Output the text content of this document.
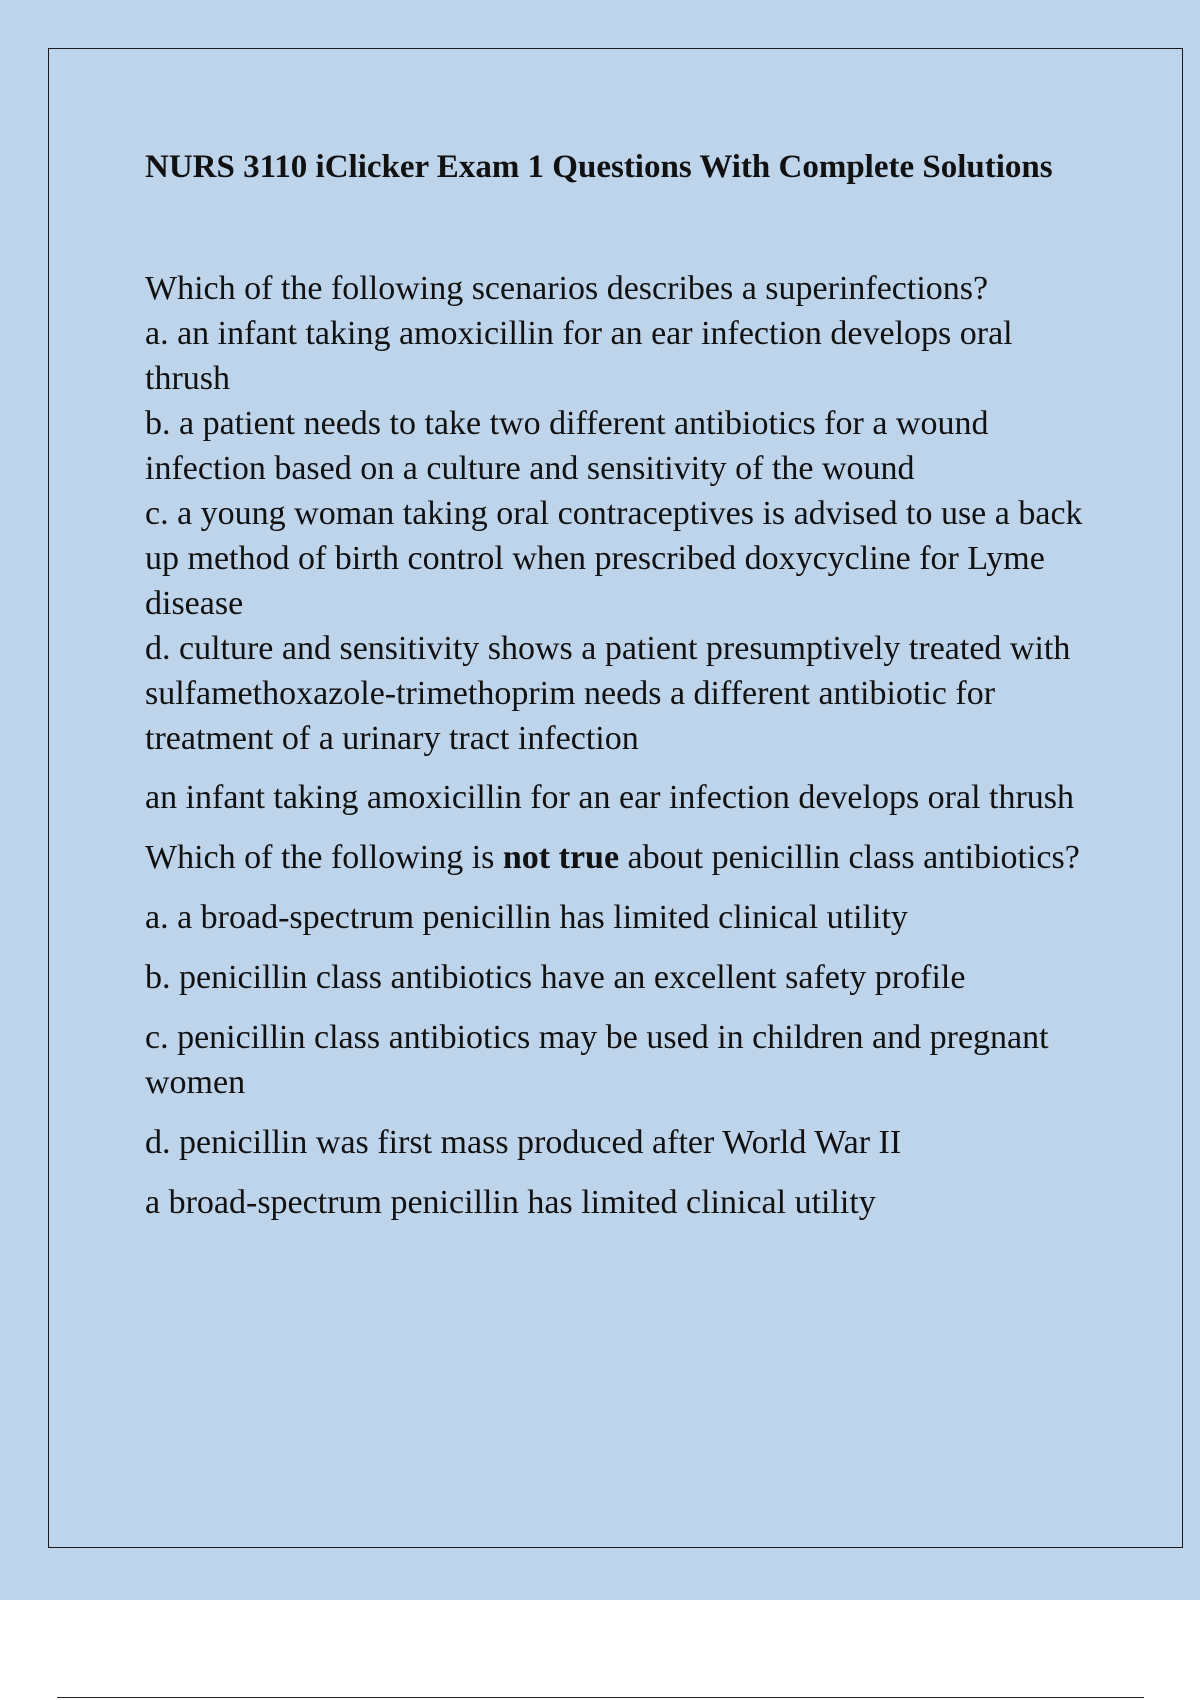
NURS 3110 iClicker Exam 1 Questions With Complete Solutions

Which of the following scenarios describes a superinfections?
a. an infant taking amoxicillin for an ear infection develops oral thrush
b. a patient needs to take two different antibiotics for a wound infection based on a culture and sensitivity of the wound
c. a young woman taking oral contraceptives is advised to use a back up method of birth control when prescribed doxycycline for Lyme disease
d. culture and sensitivity shows a patient presumptively treated with sulfamethoxazole-trimethoprim needs a different antibiotic for treatment of a urinary tract infection

an infant taking amoxicillin for an ear infection develops oral thrush

Which of the following is not true about penicillin class antibiotics?

a. a broad-spectrum penicillin has limited clinical utility

b. penicillin class antibiotics have an excellent safety profile

c. penicillin class antibiotics may be used in children and pregnant women

d. penicillin was first mass produced after World War II

a broad-spectrum penicillin has limited clinical utility
